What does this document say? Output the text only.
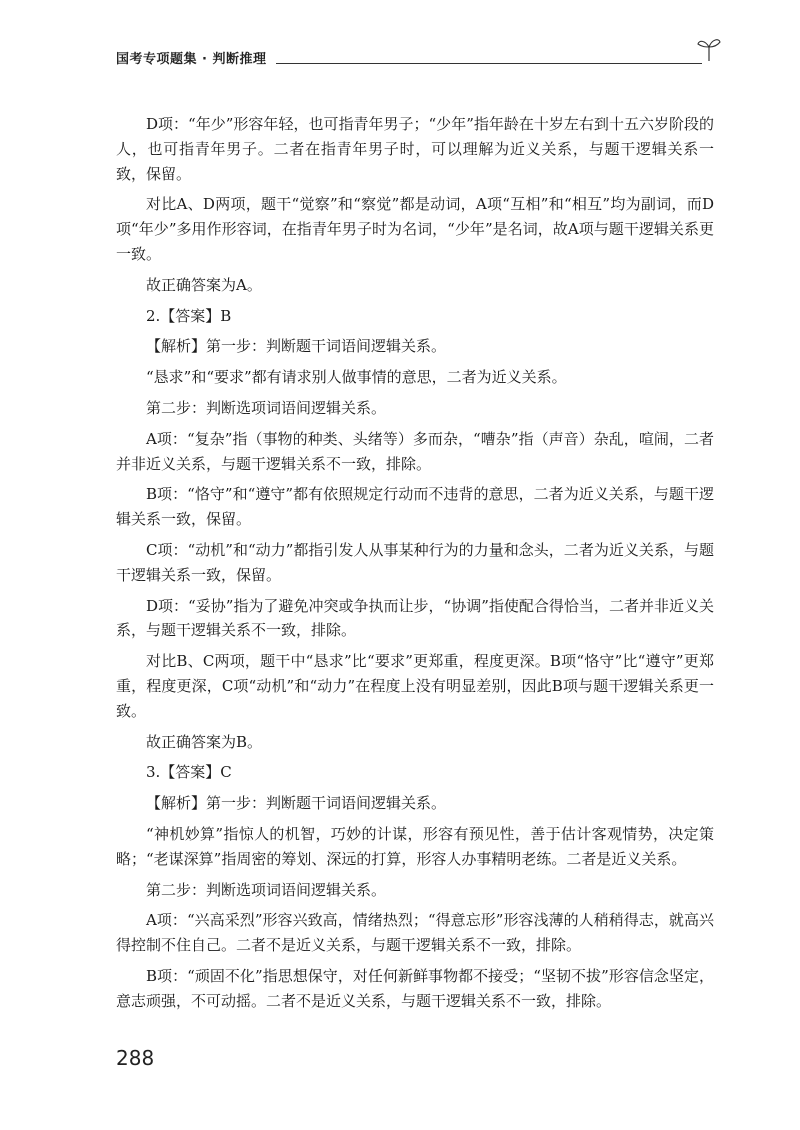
国考专项题集 · 判断推理

D项：“年少”形容年轻，也可指青年男子；“少年”指年龄在十岁左右到十五六岁阶段的人，也可指青年男子。二者在指青年男子时，可以理解为近义关系，与题干逻辑关系一致，保留。

对比A、D两项，题干“觉察”和“察觉”都是动词，A项“互相”和“相互”均为副词，而D项“年少”多用作形容词，在指青年男子时为名词，“少年”是名词，故A项与题干逻辑关系更一致。

故正确答案为A。

2.【答案】B

【解析】第一步：判断题干词语间逻辑关系。

“恳求”和“要求”都有请求别人做事情的意思，二者为近义关系。

第二步：判断选项词语间逻辑关系。

A项：“复杂”指（事物的种类、头绪等）多而杂，“嘈杂”指（声音）杂乱，喧闹，二者并非近义关系，与题干逻辑关系不一致，排除。

B项：“恪守”和“遵守”都有依照规定行动而不违背的意思，二者为近义关系，与题干逻辑关系一致，保留。

C项：“动机”和“动力”都指引发人从事某种行为的力量和念头，二者为近义关系，与题干逻辑关系一致，保留。

D项：“妥协”指为了避免冲突或争执而让步，“协调”指使配合得恰当，二者并非近义关系，与题干逻辑关系不一致，排除。

对比B、C两项，题干中“恳求”比“要求”更郑重，程度更深。B项“恪守”比“遵守”更郑重，程度更深，C项“动机”和“动力”在程度上没有明显差别，因此B项与题干逻辑关系更一致。

故正确答案为B。

3.【答案】C

【解析】第一步：判断题干词语间逻辑关系。

“神机妙算”指惊人的机智，巧妙的计谋，形容有预见性，善于估计客观情势，决定策略；“老谋深算”指周密的筹划、深远的打算，形容人办事精明老练。二者是近义关系。

第二步：判断选项词语间逻辑关系。

A项：“兴高采烈”形容兴致高，情绪热烈；“得意忘形”形容浅薄的人稍稍得志，就高兴得控制不住自己。二者不是近义关系，与题干逻辑关系不一致，排除。

B项：“顽固不化”指思想保守，对任何新鲜事物都不接受；“坚韧不拔”形容信念坚定，意志顽强，不可动摇。二者不是近义关系，与题干逻辑关系不一致，排除。

288
